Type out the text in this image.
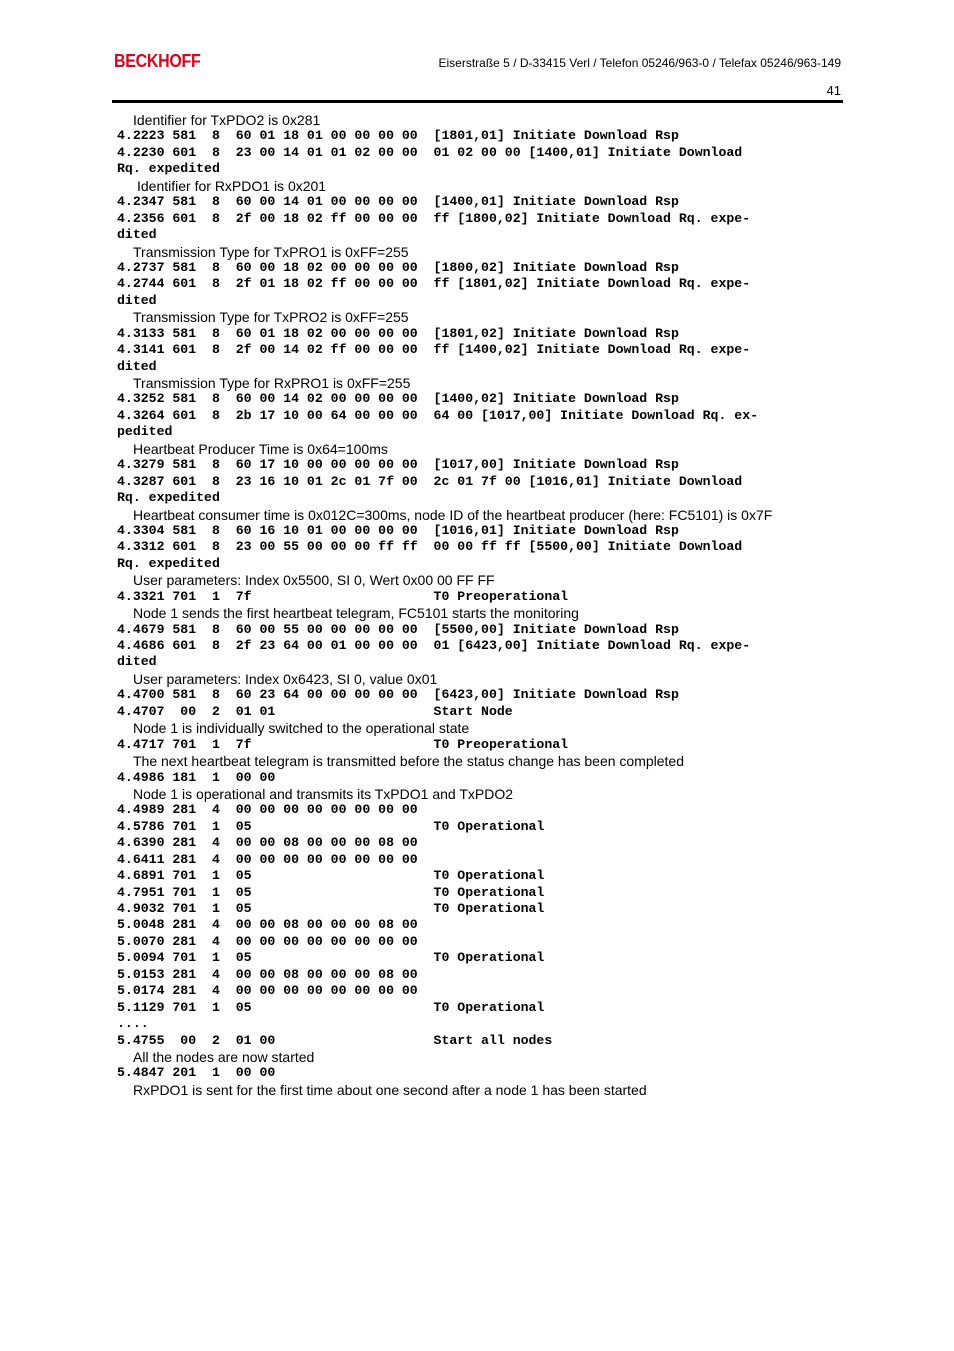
BECKHOFF	Eiserstraße 5 / D-33415 Verl / Telefon 05246/963-0 / Telefax 05246/963-149
41
Identifier for TxPDO2 is 0x281
4.2223 581  8  60 01 18 01 00 00 00 00  [1801,01] Initiate Download Rsp
4.2230 601  8  23 00 14 01 01 02 00 00  01 02 00 00 [1400,01] Initiate Download
Rq. expedited
Identifier for RxPDO1 is 0x201
4.2347 581  8  60 00 14 01 00 00 00 00  [1400,01] Initiate Download Rsp
4.2356 601  8  2f 00 18 02 ff 00 00 00  ff [1800,02] Initiate Download Rq. expe-
dited
Transmission Type for TxPRO1 is 0xFF=255
4.2737 581  8  60 00 18 02 00 00 00 00  [1800,02] Initiate Download Rsp
4.2744 601  8  2f 01 18 02 ff 00 00 00  ff [1801,02] Initiate Download Rq. expe-
dited
Transmission Type for TxPRO2 is 0xFF=255
4.3133 581  8  60 01 18 02 00 00 00 00  [1801,02] Initiate Download Rsp
4.3141 601  8  2f 00 14 02 ff 00 00 00  ff [1400,02] Initiate Download Rq. expe-
dited
Transmission Type for RxPRO1 is 0xFF=255
4.3252 581  8  60 00 14 02 00 00 00 00  [1400,02] Initiate Download Rsp
4.3264 601  8  2b 17 10 00 64 00 00 00  64 00 [1017,00] Initiate Download Rq. ex-
pedited
Heartbeat Producer Time is 0x64=100ms
4.3279 581  8  60 17 10 00 00 00 00 00  [1017,00] Initiate Download Rsp
4.3287 601  8  23 16 10 01 2c 01 7f 00  2c 01 7f 00 [1016,01] Initiate Download
Rq. expedited
Heartbeat consumer time is 0x012C=300ms, node ID of the heartbeat producer (here: FC5101) is 0x7F
4.3304 581  8  60 16 10 01 00 00 00 00  [1016,01] Initiate Download Rsp
4.3312 601  8  23 00 55 00 00 00 ff ff  00 00 ff ff [5500,00] Initiate Download
Rq. expedited
User parameters: Index 0x5500, SI 0, Wert 0x00 00 FF FF
4.3321 701  1  7f                       T0 Preoperational
Node 1 sends the first heartbeat telegram, FC5101 starts the monitoring
4.4679 581  8  60 00 55 00 00 00 00 00  [5500,00] Initiate Download Rsp
4.4686 601  8  2f 23 64 00 01 00 00 00  01 [6423,00] Initiate Download Rq. expe-
dited
User parameters: Index 0x6423, SI 0, value 0x01
4.4700 581  8  60 23 64 00 00 00 00 00  [6423,00] Initiate Download Rsp
4.4707  00  2  01 01                    Start Node
Node 1 is individually switched to the operational state
4.4717 701  1  7f                       T0 Preoperational
The next heartbeat telegram is transmitted before the status change has been completed
4.4986 181  1  00 00
Node 1 is operational and transmits its TxPDO1 and TxPDO2
4.4989 281  4  00 00 00 00 00 00 00 00
4.5786 701  1  05                       T0 Operational
4.6390 281  4  00 00 08 00 00 00 08 00
4.6411 281  4  00 00 00 00 00 00 00 00
4.6891 701  1  05                       T0 Operational
4.7951 701  1  05                       T0 Operational
4.9032 701  1  05                       T0 Operational
5.0048 281  4  00 00 08 00 00 00 08 00
5.0070 281  4  00 00 00 00 00 00 00 00
5.0094 701  1  05                       T0 Operational
5.0153 281  4  00 00 08 00 00 00 08 00
5.0174 281  4  00 00 00 00 00 00 00 00
5.1129 701  1  05                       T0 Operational
....
5.4755  00  2  01 00                    Start all nodes
All the nodes are now started
5.4847 201  1  00 00
RxPDO1 is sent for the first time about one second after a node 1 has been started
